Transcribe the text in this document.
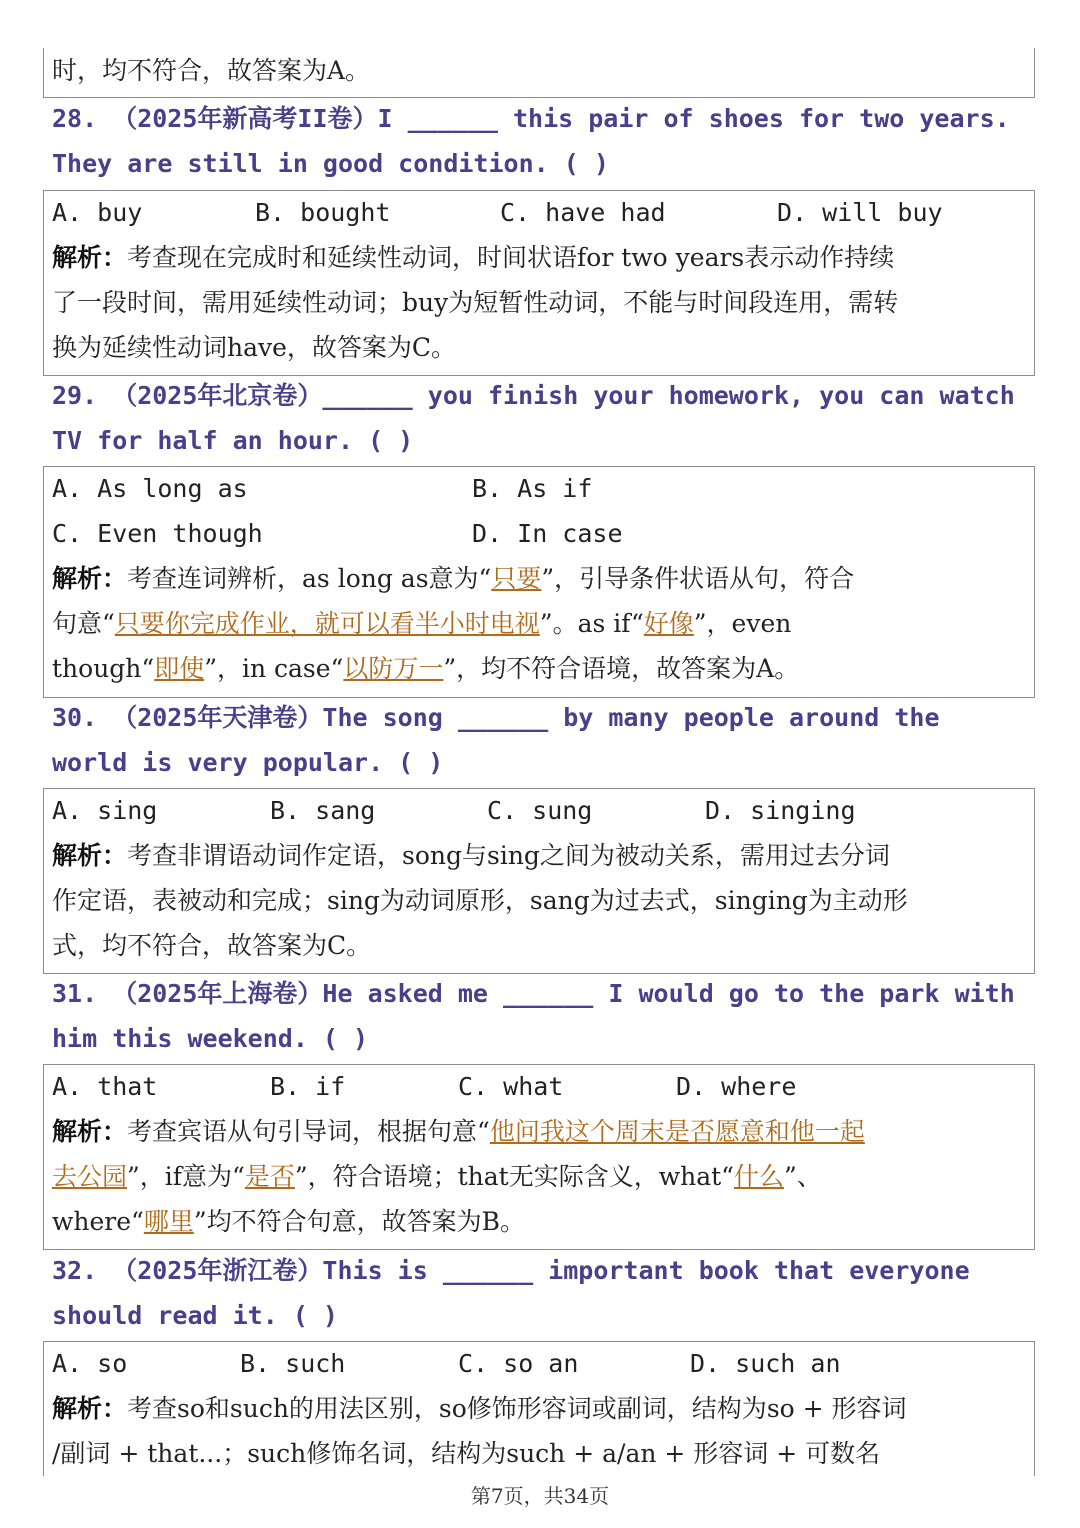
时，均不符合，故答案为A。
28. （2025年新高考II卷）I ______ this pair of shoes for two years.
They are still in good condition. ( )
A. buy	B. bought	C. have had	D. will buy
解析：考查现在完成时和延续性动词，时间状语for two years表示动作持续
了一段时间，需用延续性动词；buy为短暂性动词，不能与时间段连用，需转
换为延续性动词have，故答案为C。
29. （2025年北京卷）______ you finish your homework, you can watch
TV for half an hour. ( )
A. As long as	B. As if
C. Even though	D. In case
解析：考查连词辨析，as long as意为“只要”，引导条件状语从句，符合
句意“只要你完成作业，就可以看半小时电视”。as if“好像”，even
though“即使”，in case“以防万一”，均不符合语境，故答案为A。
30. （2025年天津卷）The song ______ by many people around the
world is very popular. ( )
A. sing	B. sang	C. sung	D. singing
解析：考查非谓语动词作定语，song与sing之间为被动关系，需用过去分词
作定语，表被动和完成；sing为动词原形，sang为过去式，singing为主动形
式，均不符合，故答案为C。
31. （2025年上海卷）He asked me ______ I would go to the park with
him this weekend. ( )
A. that	B. if	C. what	D. where
解析：考查宾语从句引导词，根据句意“他问我这个周末是否愿意和他一起
去公园”，if意为“是否”，符合语境；that无实际含义，what“什么”、
where“哪里”均不符合句意，故答案为B。
32. （2025年浙江卷）This is ______ important book that everyone
should read it. ( )
A. so	B. such	C. so an	D. such an
解析：考查so和such的用法区别，so修饰形容词或副词，结构为so + 形容词
/副词 + that...；such修饰名词，结构为such + a/an + 形容词 + 可数名
第7页，共34页
